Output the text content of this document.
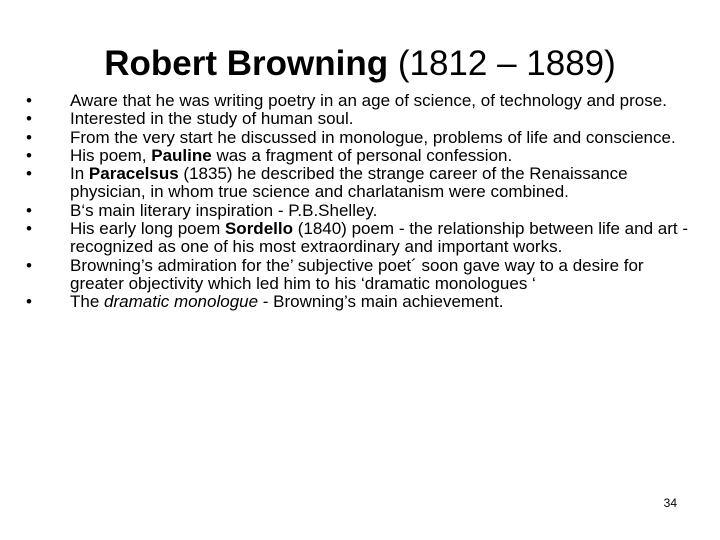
Robert Browning (1812 – 1889)
•	Aware that he was writing poetry in an age of science, of technology and prose.
•	Interested in the study of human soul.
•	From the very start he discussed in monologue, problems of life and conscience.
•	His poem, Pauline was a fragment of personal confession.
•	In Paracelsus (1835) he described the strange career of the Renaissance physician, in whom true science and charlatanism were combined.
•	B‘s main literary inspiration - P.B.Shelley.
•	His early long poem Sordello (1840) poem - the relationship between life and art - recognized as one of his most extraordinary and important works.
•	Browning’s admiration for the’ subjective poet´ soon gave way to a desire for greater objectivity which led him to his ‘dramatic monologues ‘
•	The dramatic monologue - Browning’s main achievement.
34
